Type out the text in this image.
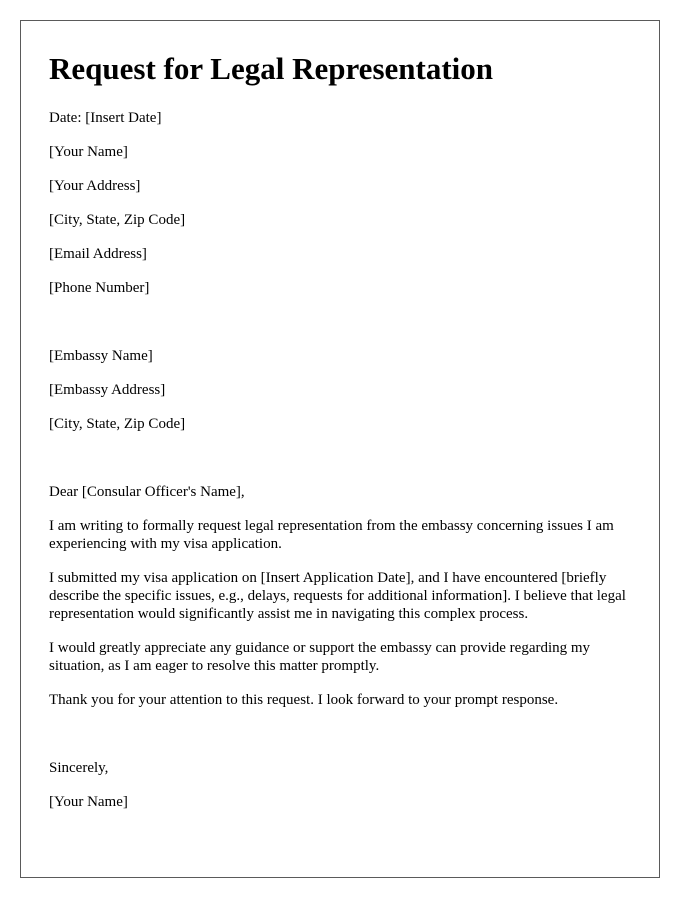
Request for Legal Representation

Date: [Insert Date]

[Your Name]

[Your Address]

[City, State, Zip Code]

[Email Address]

[Phone Number]

[Embassy Name]

[Embassy Address]

[City, State, Zip Code]

Dear [Consular Officer's Name],

I am writing to formally request legal representation from the embassy concerning issues I am experiencing with my visa application.

I submitted my visa application on [Insert Application Date], and I have encountered [briefly describe the specific issues, e.g., delays, requests for additional information]. I believe that legal representation would significantly assist me in navigating this complex process.

I would greatly appreciate any guidance or support the embassy can provide regarding my situation, as I am eager to resolve this matter promptly.

Thank you for your attention to this request. I look forward to your prompt response.

Sincerely,

[Your Name]
